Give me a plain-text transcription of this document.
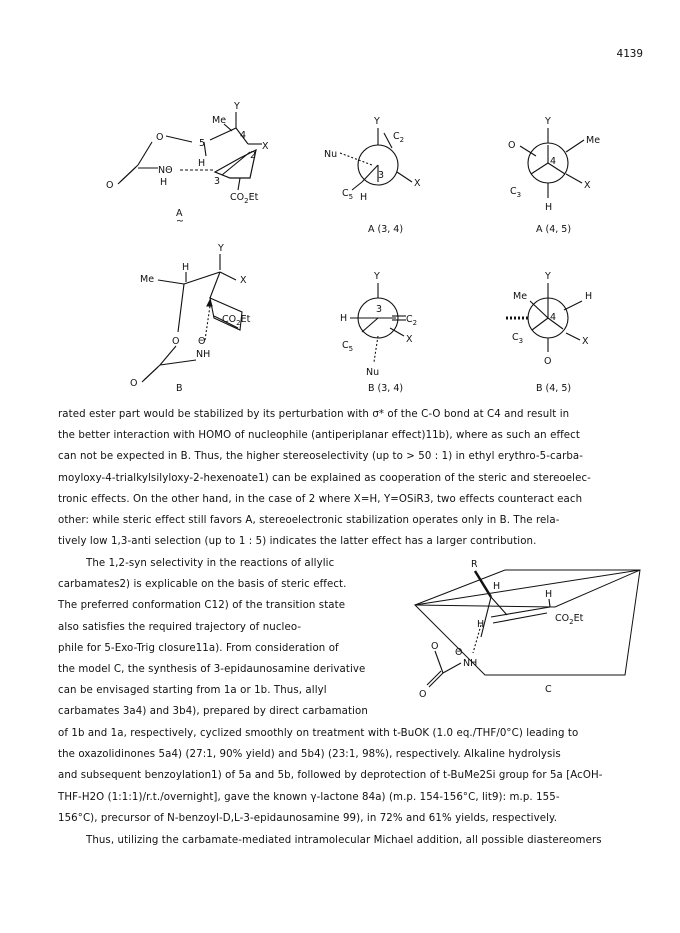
4139
Y
Me
4
5	X
O
O
NΘ
H
H
2
3
$CO_2Et$
A
~
Y
$C_2$
Nu
3
X
$C_5$ H
A (3, 4)
Y
O	Me
4
X
$C_3$
H
A (4, 5)
Y
H
Me	X
$CO_2Et$
O
O
Θ
NH
B
Y
H
3
$C_2$
X
$C_5$
Nu
B (3, 4)
Y
Me	H
4
X
$C_3$
O
B (4, 5)
rated ester part would be stabilized by its perturbation with σ* of the C-O bond at C4 and result in
the better interaction with HOMO of nucleophile (antiperiplanar effect)11b), where as such an effect
can not be expected in B. Thus, the higher stereoselectivity (up to > 50 : 1) in ethyl erythro-5-carba-
moyloxy-4-trialkylsilyloxy-2-hexenoate1) can be explained as cooperation of the steric and stereoelec-
tronic effects. On the other hand, in the case of 2 where X=H, Y=OSiR3, two effects counteract each
other: while steric effect still favors A, stereoelectronic stabilization operates only in B. The rela-
tively low 1,3-anti selection (up to 1 : 5) indicates the latter effect has a larger contribution.
The 1,2-syn selectivity in the reactions of allylic
carbamates2) is explicable on the basis of steric effect.
The preferred conformation C12) of the transition state
also satisfies the required trajectory of nucleo-
phile for 5-Exo-Trig closure11a). From consideration of
the model C, the synthesis of 3-epidaunosamine derivative
can be envisaged starting from 1a or 1b. Thus, allyl
carbamates 3a4) and 3b4), prepared by direct carbamation
R
H
H
H
$CO_2Et$
O
O
Θ
NH
C
of 1b and 1a, respectively, cyclized smoothly on treatment with t-BuOK (1.0 eq./THF/0°C) leading to
the oxazolidinones 5a4) (27:1, 90% yield) and 5b4) (23:1, 98%), respectively. Alkaline hydrolysis
and subsequent benzoylation1) of 5a and 5b, followed by deprotection of t-BuMe2Si group for 5a [AcOH-
THF-H2O (1:1:1)/r.t./overnight], gave the known γ-lactone 84a) (m.p. 154-156°C, lit9): m.p. 155-
156°C), precursor of N-benzoyl-D,L-3-epidaunosamine 99), in 72% and 61% yields, respectively.
Thus, utilizing the carbamate-mediated intramolecular Michael addition, all possible diastereomers
